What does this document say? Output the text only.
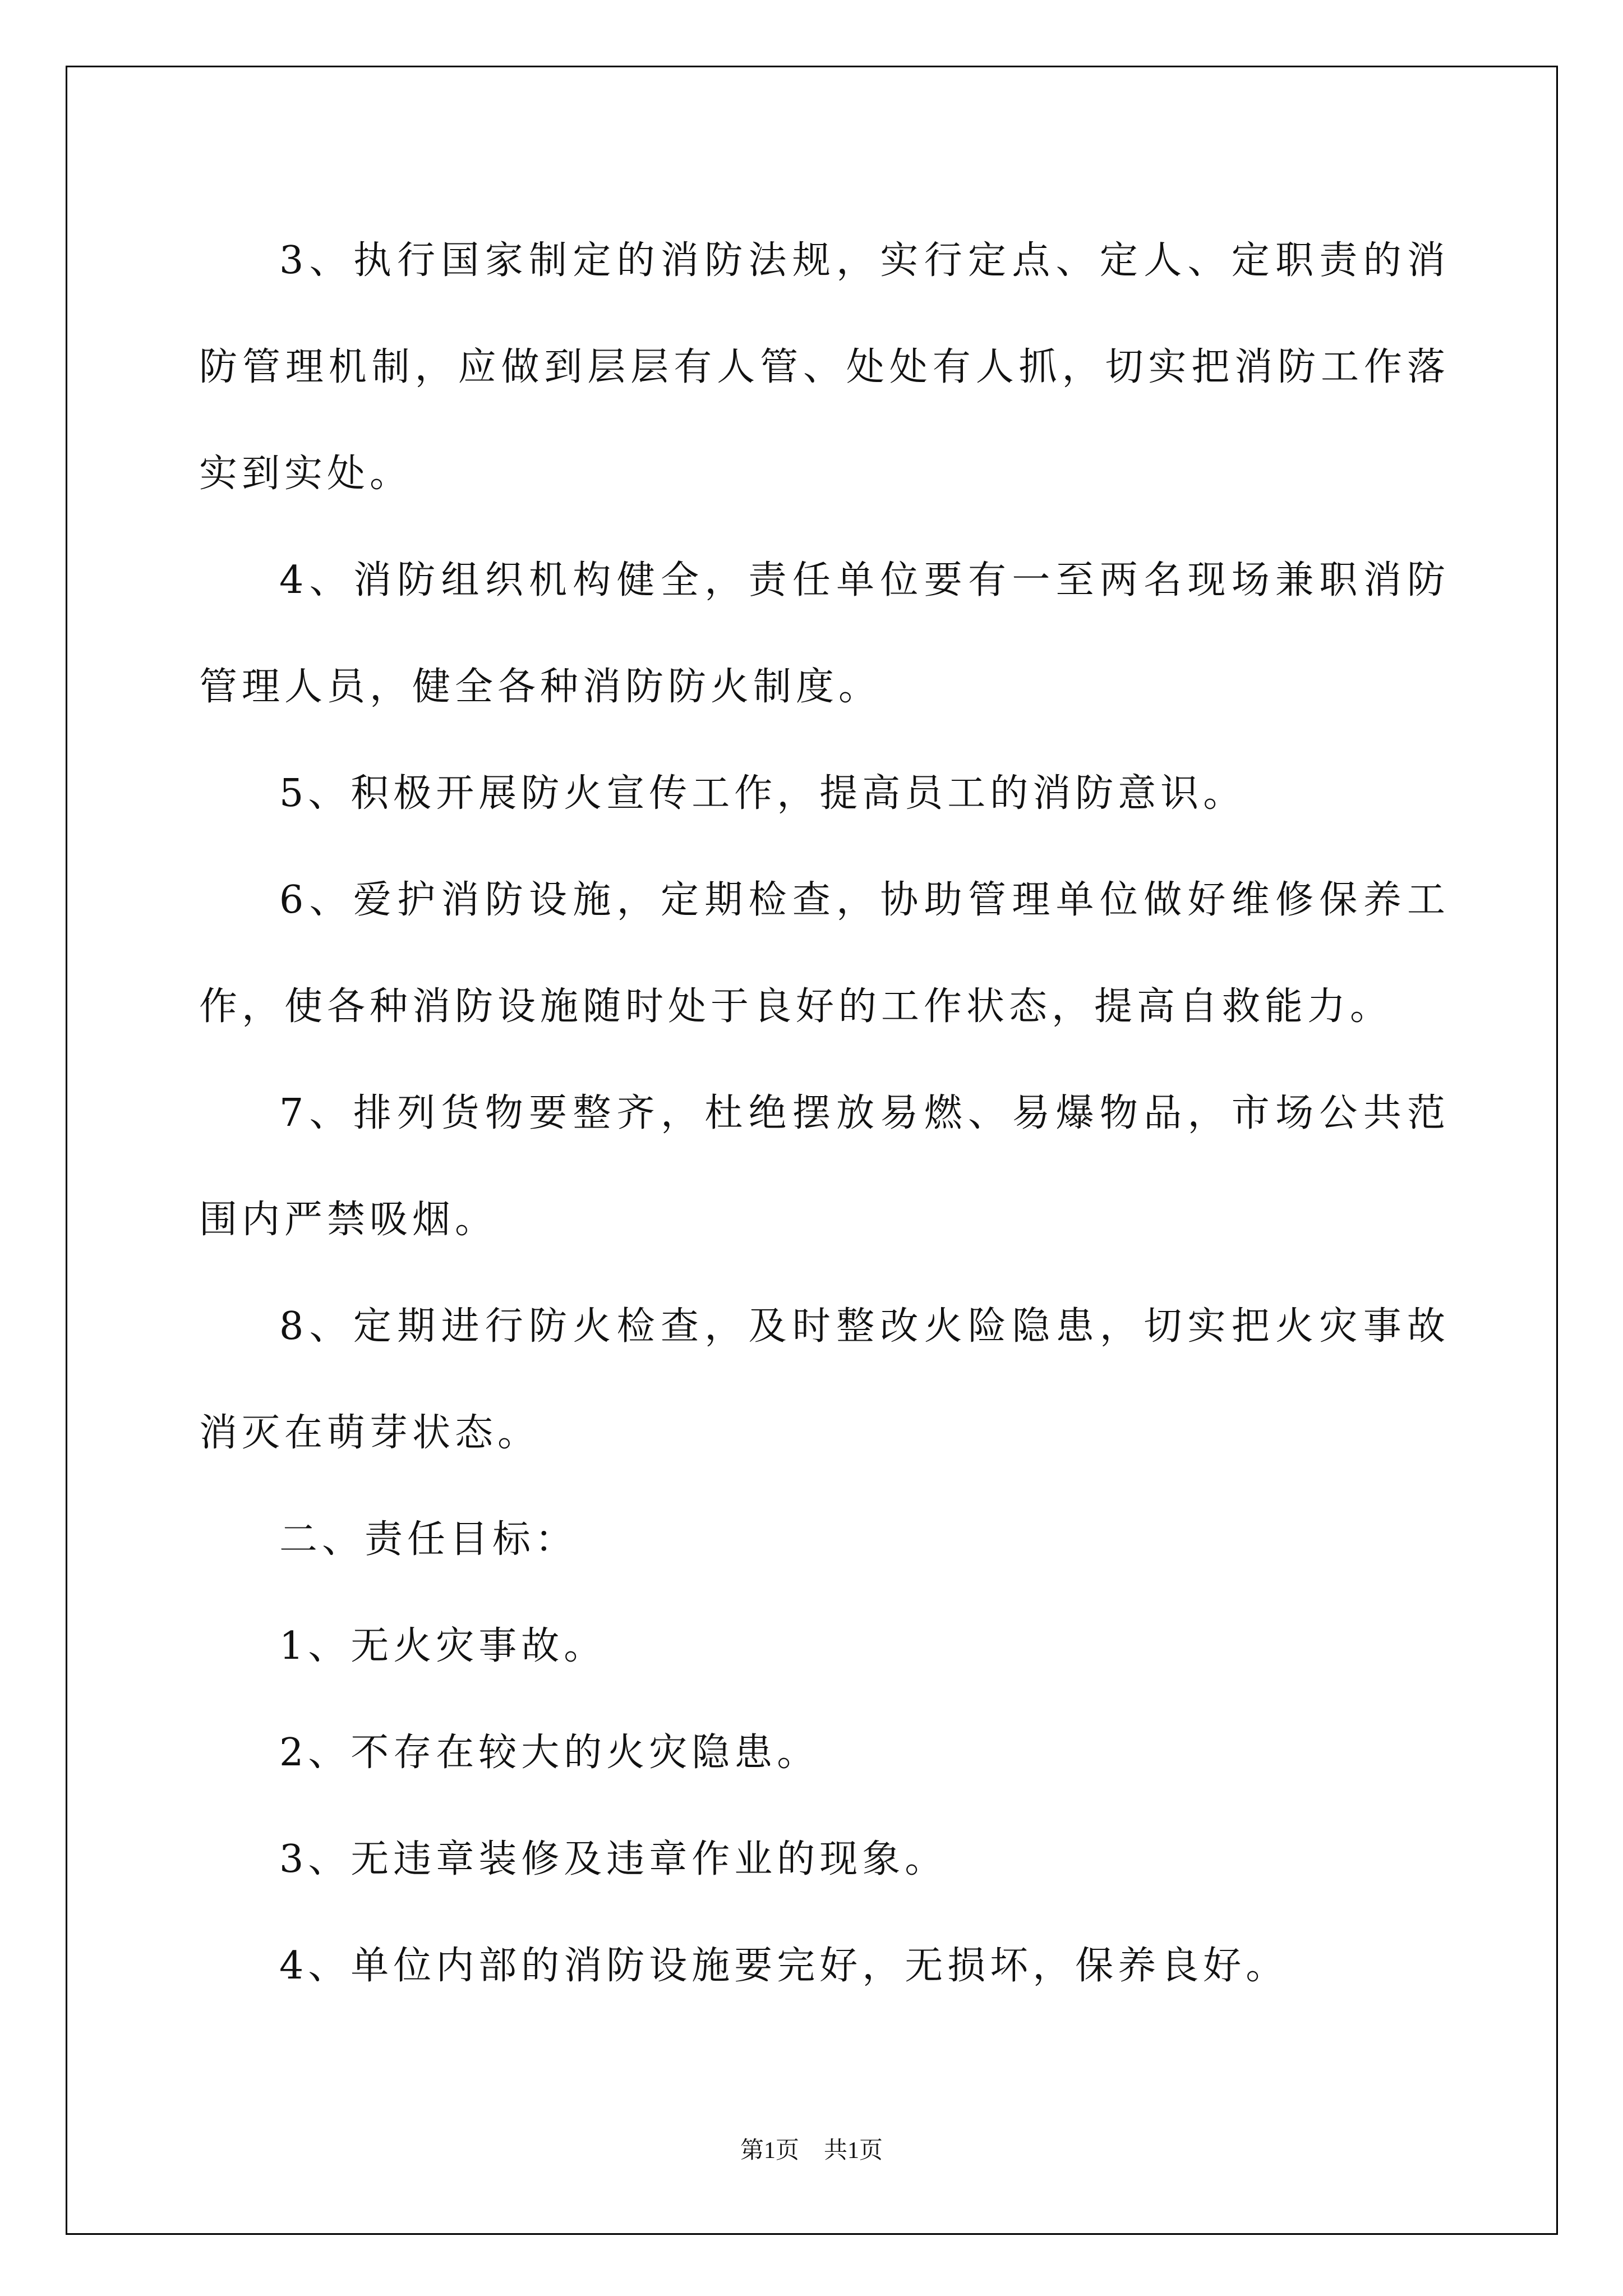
3、执行国家制定的消防法规，实行定点、定人、定职责的消防管理机制，应做到层层有人管、处处有人抓，切实把消防工作落实到实处。

4、消防组织机构健全，责任单位要有一至两名现场兼职消防管理人员，健全各种消防防火制度。

5、积极开展防火宣传工作，提高员工的消防意识。

6、爱护消防设施，定期检查，协助管理单位做好维修保养工作，使各种消防设施随时处于良好的工作状态，提高自救能力。

7、排列货物要整齐，杜绝摆放易燃、易爆物品，市场公共范围内严禁吸烟。

8、定期进行防火检查，及时整改火险隐患，切实把火灾事故消灭在萌芽状态。

二、责任目标：

1、无火灾事故。

2、不存在较大的火灾隐患。

3、无违章装修及违章作业的现象。

4、单位内部的消防设施要完好，无损坏，保养良好。

第1页 共1页
